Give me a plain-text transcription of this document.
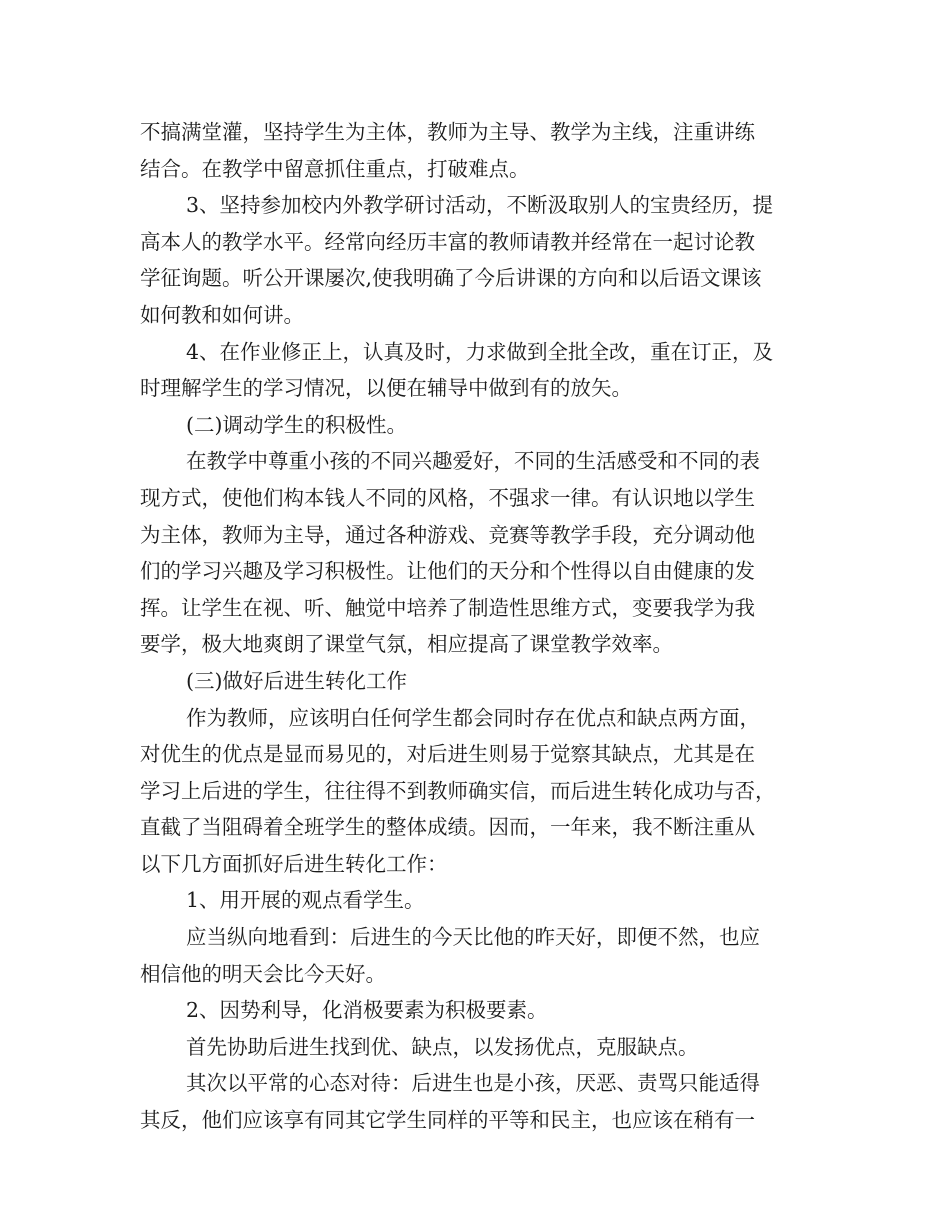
不搞满堂灌，坚持学生为主体，教师为主导、教学为主线，注重讲练
结合。在教学中留意抓住重点，打破难点。
3、坚持参加校内外教学研讨活动，不断汲取别人的宝贵经历，提
高本人的教学水平。经常向经历丰富的教师请教并经常在一起讨论教
学征询题。听公开课屡次,使我明确了今后讲课的方向和以后语文课该
如何教和如何讲。
4、在作业修正上，认真及时，力求做到全批全改，重在订正，及
时理解学生的学习情况，以便在辅导中做到有的放矢。
(二)调动学生的积极性。
在教学中尊重小孩的不同兴趣爱好，不同的生活感受和不同的表
现方式，使他们构本钱人不同的风格，不强求一律。有认识地以学生
为主体，教师为主导，通过各种游戏、竞赛等教学手段，充分调动他
们的学习兴趣及学习积极性。让他们的天分和个性得以自由健康的发
挥。让学生在视、听、触觉中培养了制造性思维方式，变要我学为我
要学，极大地爽朗了课堂气氛，相应提高了课堂教学效率。
(三)做好后进生转化工作
作为教师，应该明白任何学生都会同时存在优点和缺点两方面，
对优生的优点是显而易见的，对后进生则易于觉察其缺点，尤其是在
学习上后进的学生，往往得不到教师确实信，而后进生转化成功与否，
直截了当阻碍着全班学生的整体成绩。因而，一年来，我不断注重从
以下几方面抓好后进生转化工作：
1、用开展的观点看学生。
应当纵向地看到：后进生的今天比他的昨天好，即便不然，也应
相信他的明天会比今天好。
2、因势利导，化消极要素为积极要素。
首先协助后进生找到优、缺点，以发扬优点，克服缺点。
其次以平常的心态对待：后进生也是小孩，厌恶、责骂只能适得
其反，他们应该享有同其它学生同样的平等和民主，也应该在稍有一
